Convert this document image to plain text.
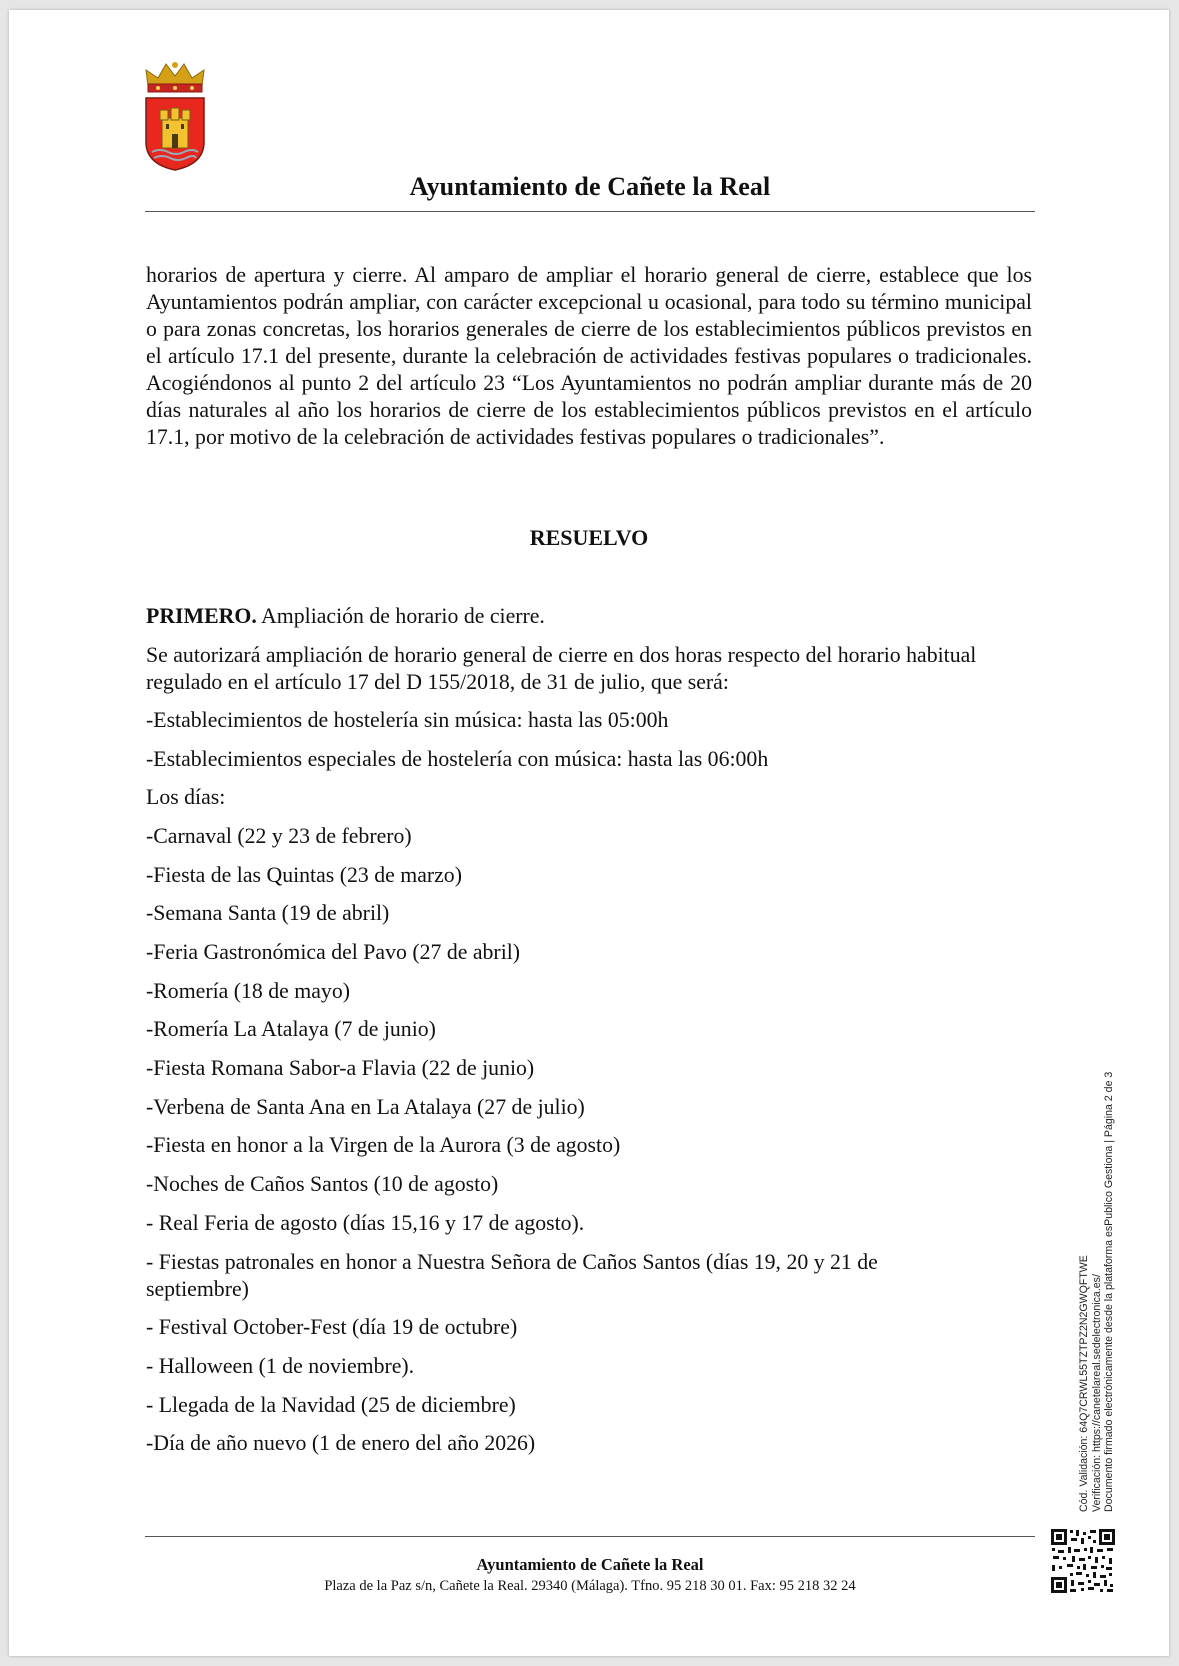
Ayuntamiento de Cañete la Real

horarios de apertura y cierre. Al amparo de ampliar el horario general de cierre, establece que los Ayuntamientos podrán ampliar, con carácter excepcional u ocasional, para todo su término municipal o para zonas concretas, los horarios generales de cierre de los establecimientos públicos previstos en el artículo 17.1 del presente, durante la celebración de actividades festivas populares o tradicionales. Acogiéndonos al punto 2 del artículo 23 “Los Ayuntamientos no podrán ampliar durante más de 20 días naturales al año los horarios de cierre de los establecimientos públicos previstos en el artículo 17.1, por motivo de la celebración de actividades festivas populares o tradicionales”.

RESUELVO

PRIMERO. Ampliación de horario de cierre.

Se autorizará ampliación de horario general de cierre en dos horas respecto del horario habitual regulado en el artículo 17 del D 155/2018, de 31 de julio, que será:

-Establecimientos de hostelería sin música: hasta las 05:00h

-Establecimientos especiales de hostelería con música: hasta las 06:00h

Los días:

-Carnaval (22 y 23 de febrero)

-Fiesta de las Quintas (23 de marzo)

-Semana Santa (19 de abril)

-Feria Gastronómica del Pavo (27 de abril)

-Romería (18 de mayo)

-Romería La Atalaya (7 de junio)

-Fiesta Romana Sabor-a Flavia (22 de junio)

-Verbena de Santa Ana en La Atalaya (27 de julio)

-Fiesta en honor a la Virgen de la Aurora (3 de agosto)

-Noches de Caños Santos (10 de agosto)

- Real Feria de agosto (días 15,16 y 17 de agosto).

- Fiestas patronales en honor a Nuestra Señora de Caños Santos (días 19, 20 y 21 de septiembre)

- Festival October-Fest (día 19 de octubre)

- Halloween (1 de noviembre).

- Llegada de la Navidad (25 de diciembre)

-Día de año nuevo (1 de enero del año 2026)

Ayuntamiento de Cañete la Real
Plaza de la Paz s/n, Cañete la Real. 29340 (Málaga). Tfno. 95 218 30 01. Fax: 95 218 32 24
Cód. Validación: 64Q7CRWL55TZTPZ2N2GWQFTWE Verificación: https://canetelareal.sedelectronica.es/ Documento firmado electrónicamente desde la plataforma esPublico Gestiona | Página 2 de 3
